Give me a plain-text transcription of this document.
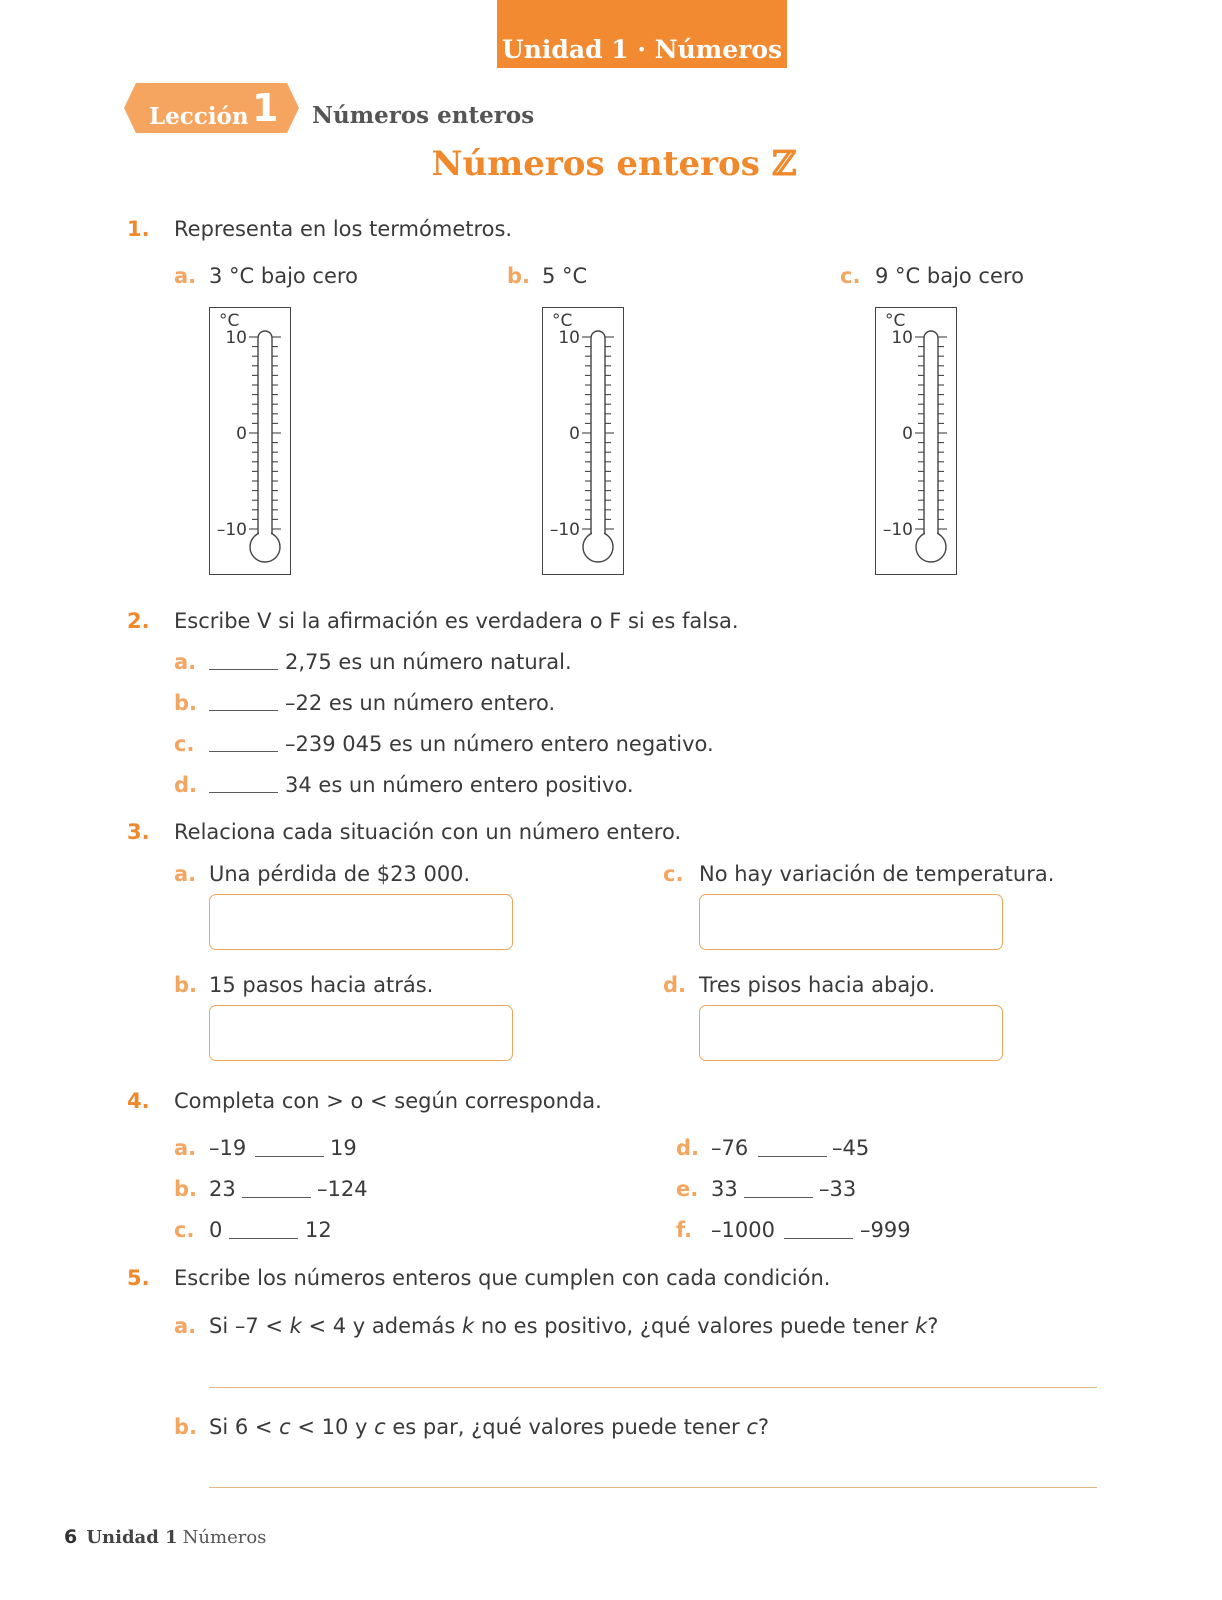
Unidad 1 · Números
Lección 1 Números enteros
Números enteros ℤ
1. Representa en los termómetros.
a. 3 °C bajo cero	b. 5 °C	c. 9 °C bajo cero
°C
10
0
–10
°C
10
0
–10
°C
10
0
–10
2. Escribe V si la afirmación es verdadera o F si es falsa.
a.	2,75 es un número natural.
b.	–22 es un número entero.
c.	–239 045 es un número entero negativo.
d.	34 es un número entero positivo.
3. Relaciona cada situación con un número entero.
a. Una pérdida de $23 000.	c. No hay variación de temperatura.
b. 15 pasos hacia atrás.	d. Tres pisos hacia abajo.
4. Completa con > o < según corresponda.
a. –19	19	d. –76	–45
b. 23	–124	e. 33	–33
c. 0	12	f. –1000	–999
5. Escribe los números enteros que cumplen con cada condición.
a. Si –7 < k < 4 y además k no es positivo, ¿qué valores puede tener k?
b. Si 6 < c < 10 y c es par, ¿qué valores puede tener c?
6 Unidad 1 Números
